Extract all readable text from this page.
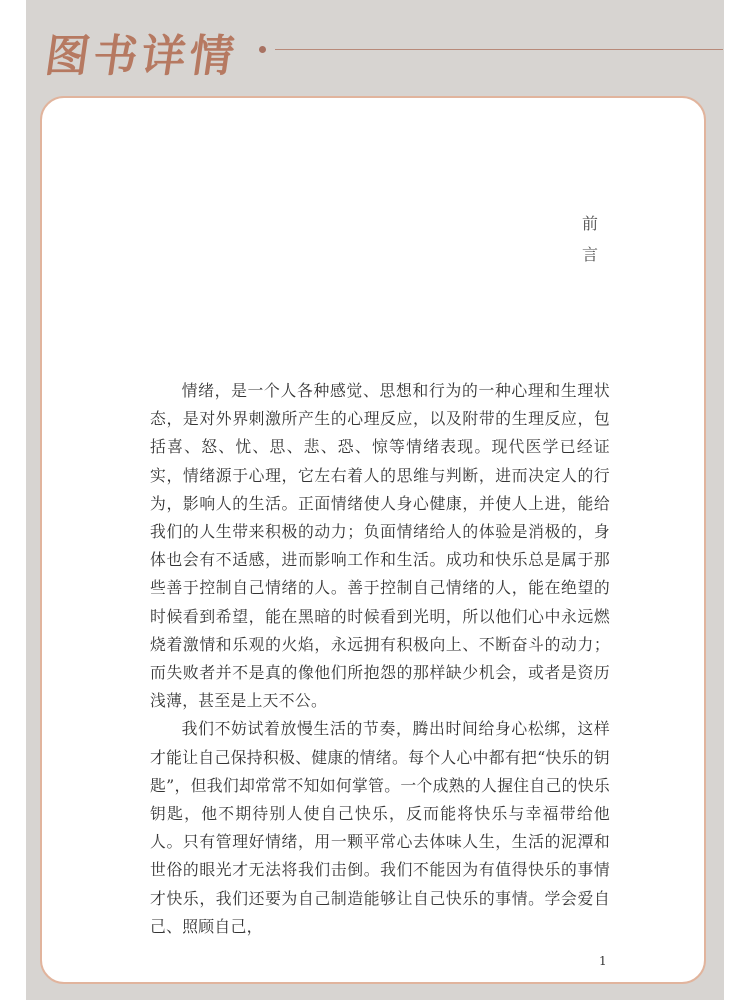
图书详情
前
言

情绪，是一个人各种感觉、思想和行为的一种心理和生理状态，是对外界刺激所产生的心理反应，以及附带的生理反应，包括喜、怒、忧、思、悲、恐、惊等情绪表现。现代医学已经证实，情绪源于心理，它左右着人的思维与判断，进而决定人的行为，影响人的生活。正面情绪使人身心健康，并使人上进，能给我们的人生带来积极的动力；负面情绪给人的体验是消极的，身体也会有不适感，进而影响工作和生活。成功和快乐总是属于那些善于控制自己情绪的人。善于控制自己情绪的人，能在绝望的时候看到希望，能在黑暗的时候看到光明，所以他们心中永远燃烧着激情和乐观的火焰，永远拥有积极向上、不断奋斗的动力；而失败者并不是真的像他们所抱怨的那样缺少机会，或者是资历浅薄，甚至是上天不公。

我们不妨试着放慢生活的节奏，腾出时间给身心松绑，这样才能让自己保持积极、健康的情绪。每个人心中都有把“快乐的钥匙”，但我们却常常不知如何掌管。一个成熟的人握住自己的快乐钥匙，他不期待别人使自己快乐，反而能将快乐与幸福带给他人。只有管理好情绪，用一颗平常心去体味人生，生活的泥潭和世俗的眼光才无法将我们击倒。我们不能因为有值得快乐的事情才快乐，我们还要为自己制造能够让自己快乐的事情。学会爱自己、照顾自己，

1
